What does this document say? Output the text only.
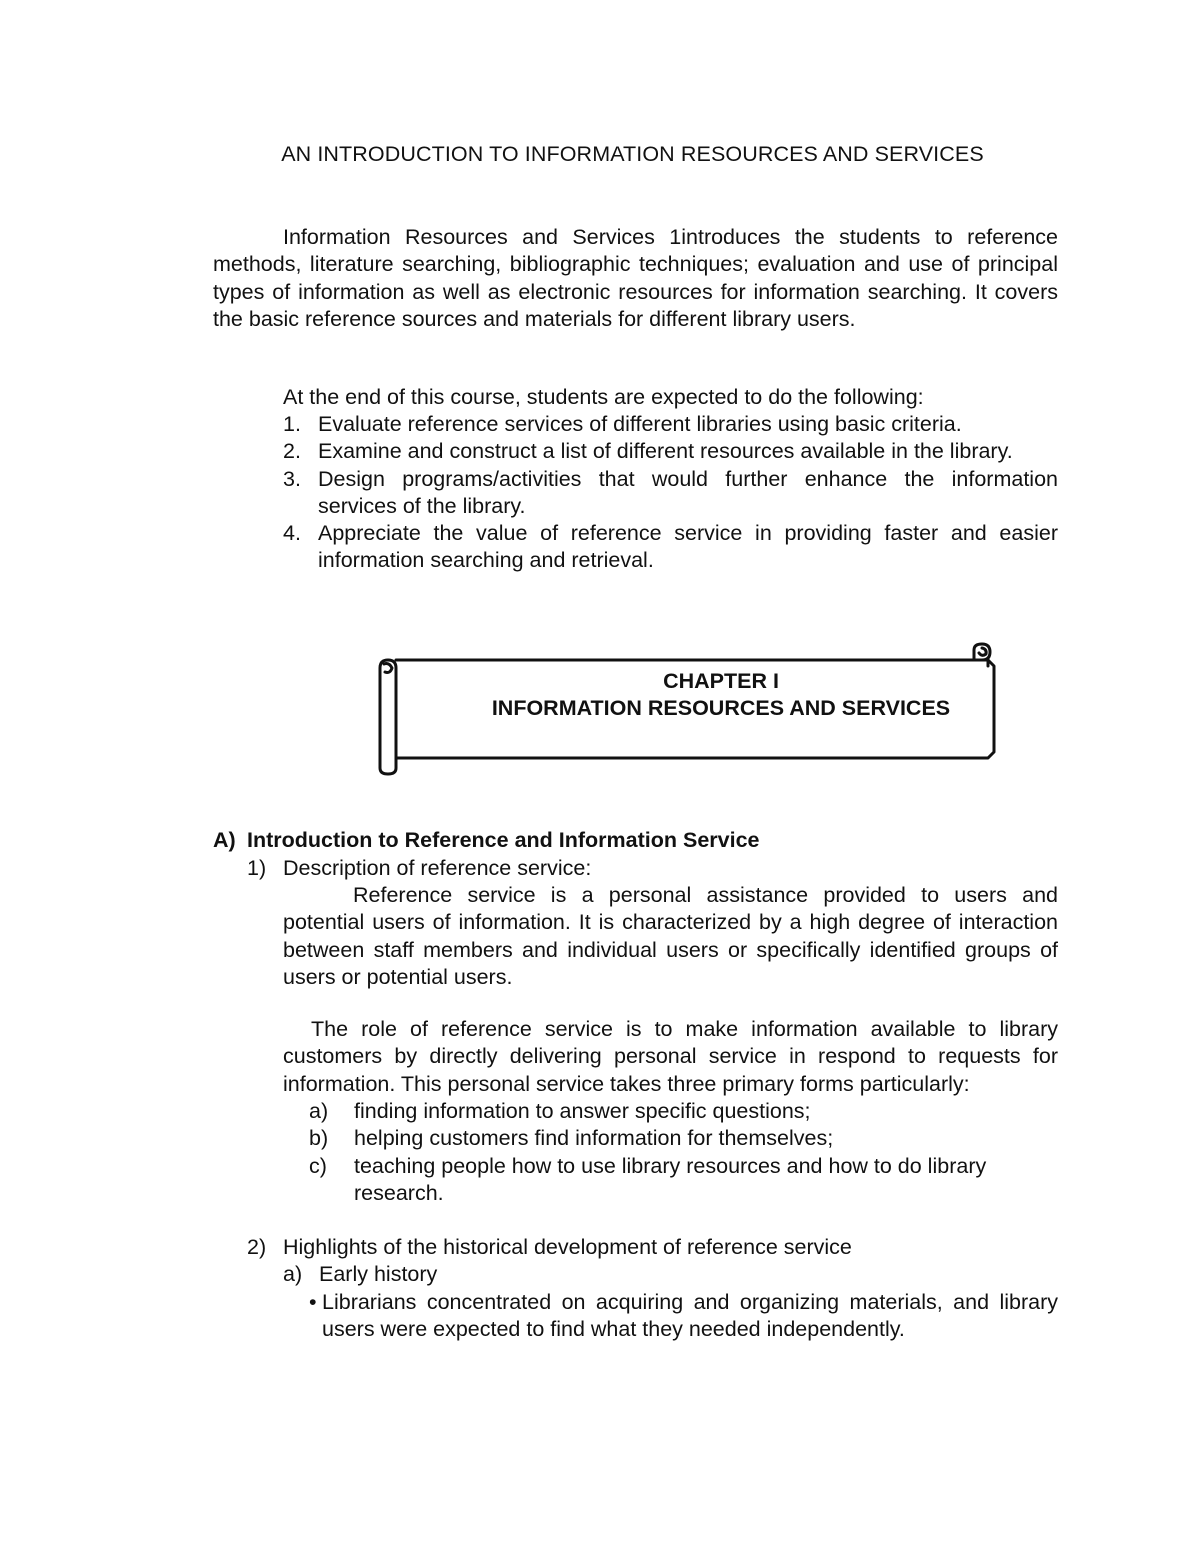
AN INTRODUCTION TO INFORMATION RESOURCES AND SERVICES
Information Resources and Services 1introduces the students to reference methods, literature searching, bibliographic techniques; evaluation and use of principal types of information as well as electronic resources for information searching. It covers the basic reference sources and materials for different library users.
At the end of this course, students are expected to do the following:
1. Evaluate reference services of different libraries using basic criteria.
2. Examine and construct a list of different resources available in the library.
3. Design programs/activities that would further enhance the information services of the library.
4. Appreciate the value of reference service in providing faster and easier information searching and retrieval.
CHAPTER I
INFORMATION RESOURCES AND SERVICES
A) Introduction to Reference and Information Service
1) Description of reference service:
Reference service is a personal assistance provided to users and potential users of information. It is characterized by a high degree of interaction between staff members and individual users or specifically identified groups of users or potential users.
The role of reference service is to make information available to library customers by directly delivering personal service in respond to requests for information. This personal service takes three primary forms particularly:
a) finding information to answer specific questions;
b) helping customers find information for themselves;
c) teaching people how to use library resources and how to do library research.
2) Highlights of the historical development of reference service
a) Early history
• Librarians concentrated on acquiring and organizing materials, and library users were expected to find what they needed independently.
